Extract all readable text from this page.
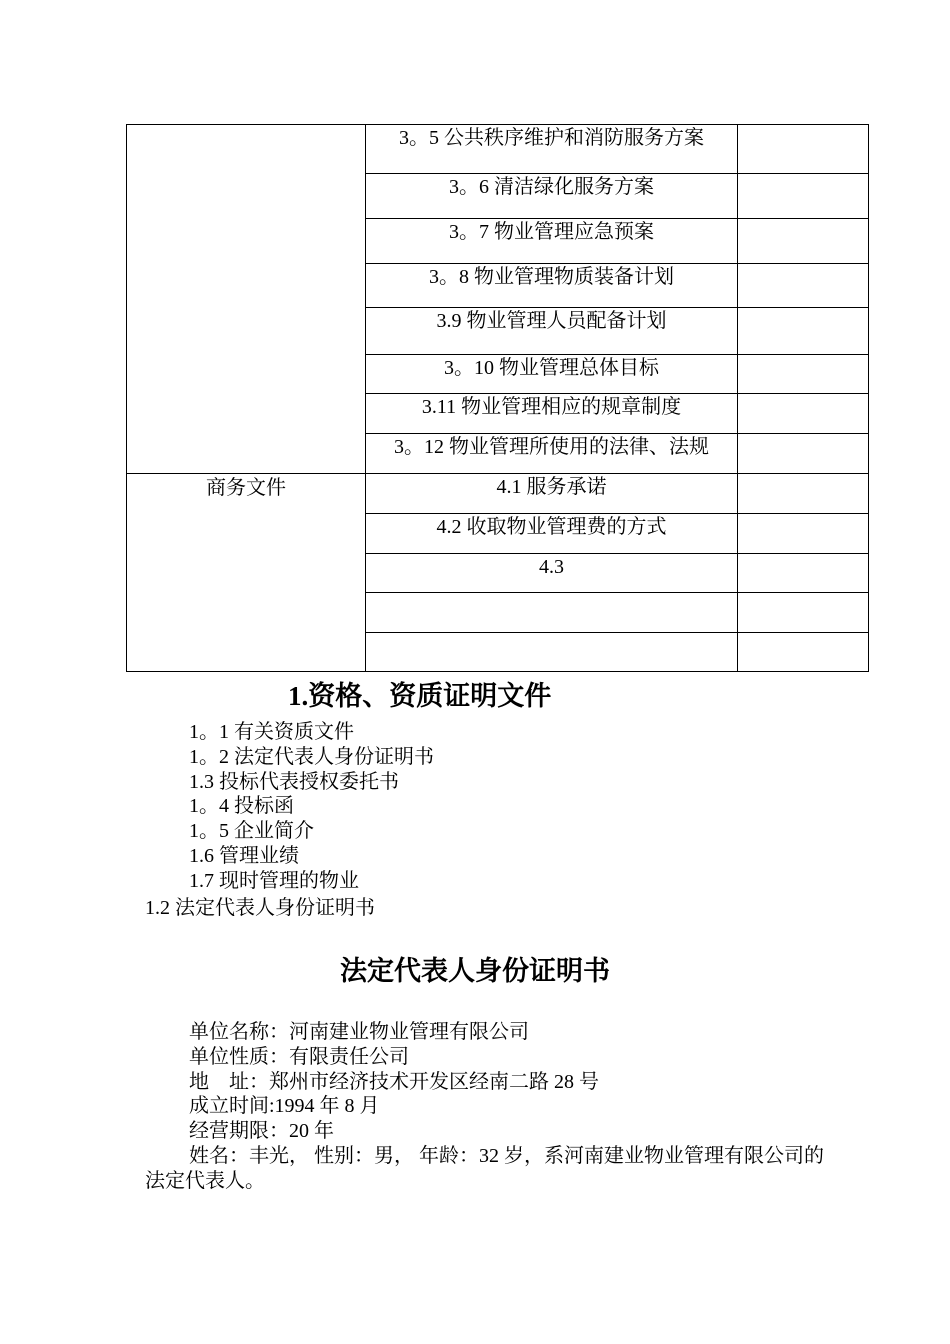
	3。5 公共秩序维护和消防服务方案	
	3。6 清洁绿化服务方案	
	3。7 物业管理应急预案	
	3。8 物业管理物质装备计划	
	3.9 物业管理人员配备计划	
	3。10 物业管理总体目标	
	3.11 物业管理相应的规章制度	
	3。12 物业管理所使用的法律、法规	
商务文件	4.1 服务承诺	
	4.2 收取物业管理费的方式	
	4.3	

1.资格、资质证明文件
1。1 有关资质文件
1。2 法定代表人身份证明书
1.3 投标代表授权委托书
1。4 投标函
1。5 企业简介
1.6 管理业绩
1.7 现时管理的物业
1.2 法定代表人身份证明书
法定代表人身份证明书
单位名称：河南建业物业管理有限公司
单位性质：有限责任公司
地　址：郑州市经济技术开发区经南二路 28 号
成立时间:1994 年 8 月
经营期限：20 年
姓名：丰光， 性别：男， 年龄：32 岁，系河南建业物业管理有限公司的法定代表人。
